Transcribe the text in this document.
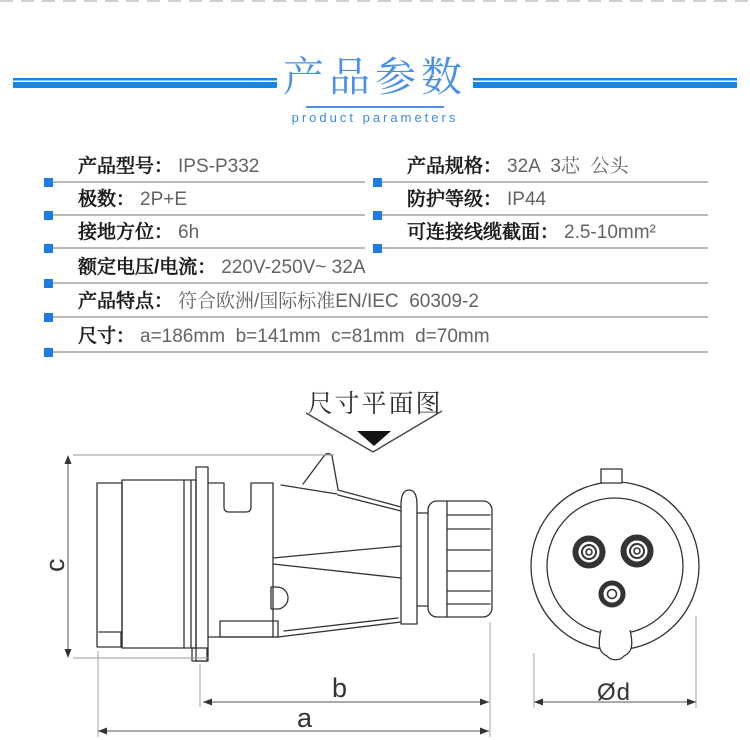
产品参数
product parameters
产品型号： IPS-P332	产品规格： 32A  3芯  公头
极数： 2P+E	防护等级： IP44
接地方位： 6h	可连接线缆截面： 2.5-10mm²
额定电压/电流： 220V-250V~ 32A
产品特点： 符合欧洲/国际标准EN/IEC  60309-2
尺寸： a=186mm  b=141mm  c=81mm  d=70mm
尺寸平面图
c
b
a
Ød
